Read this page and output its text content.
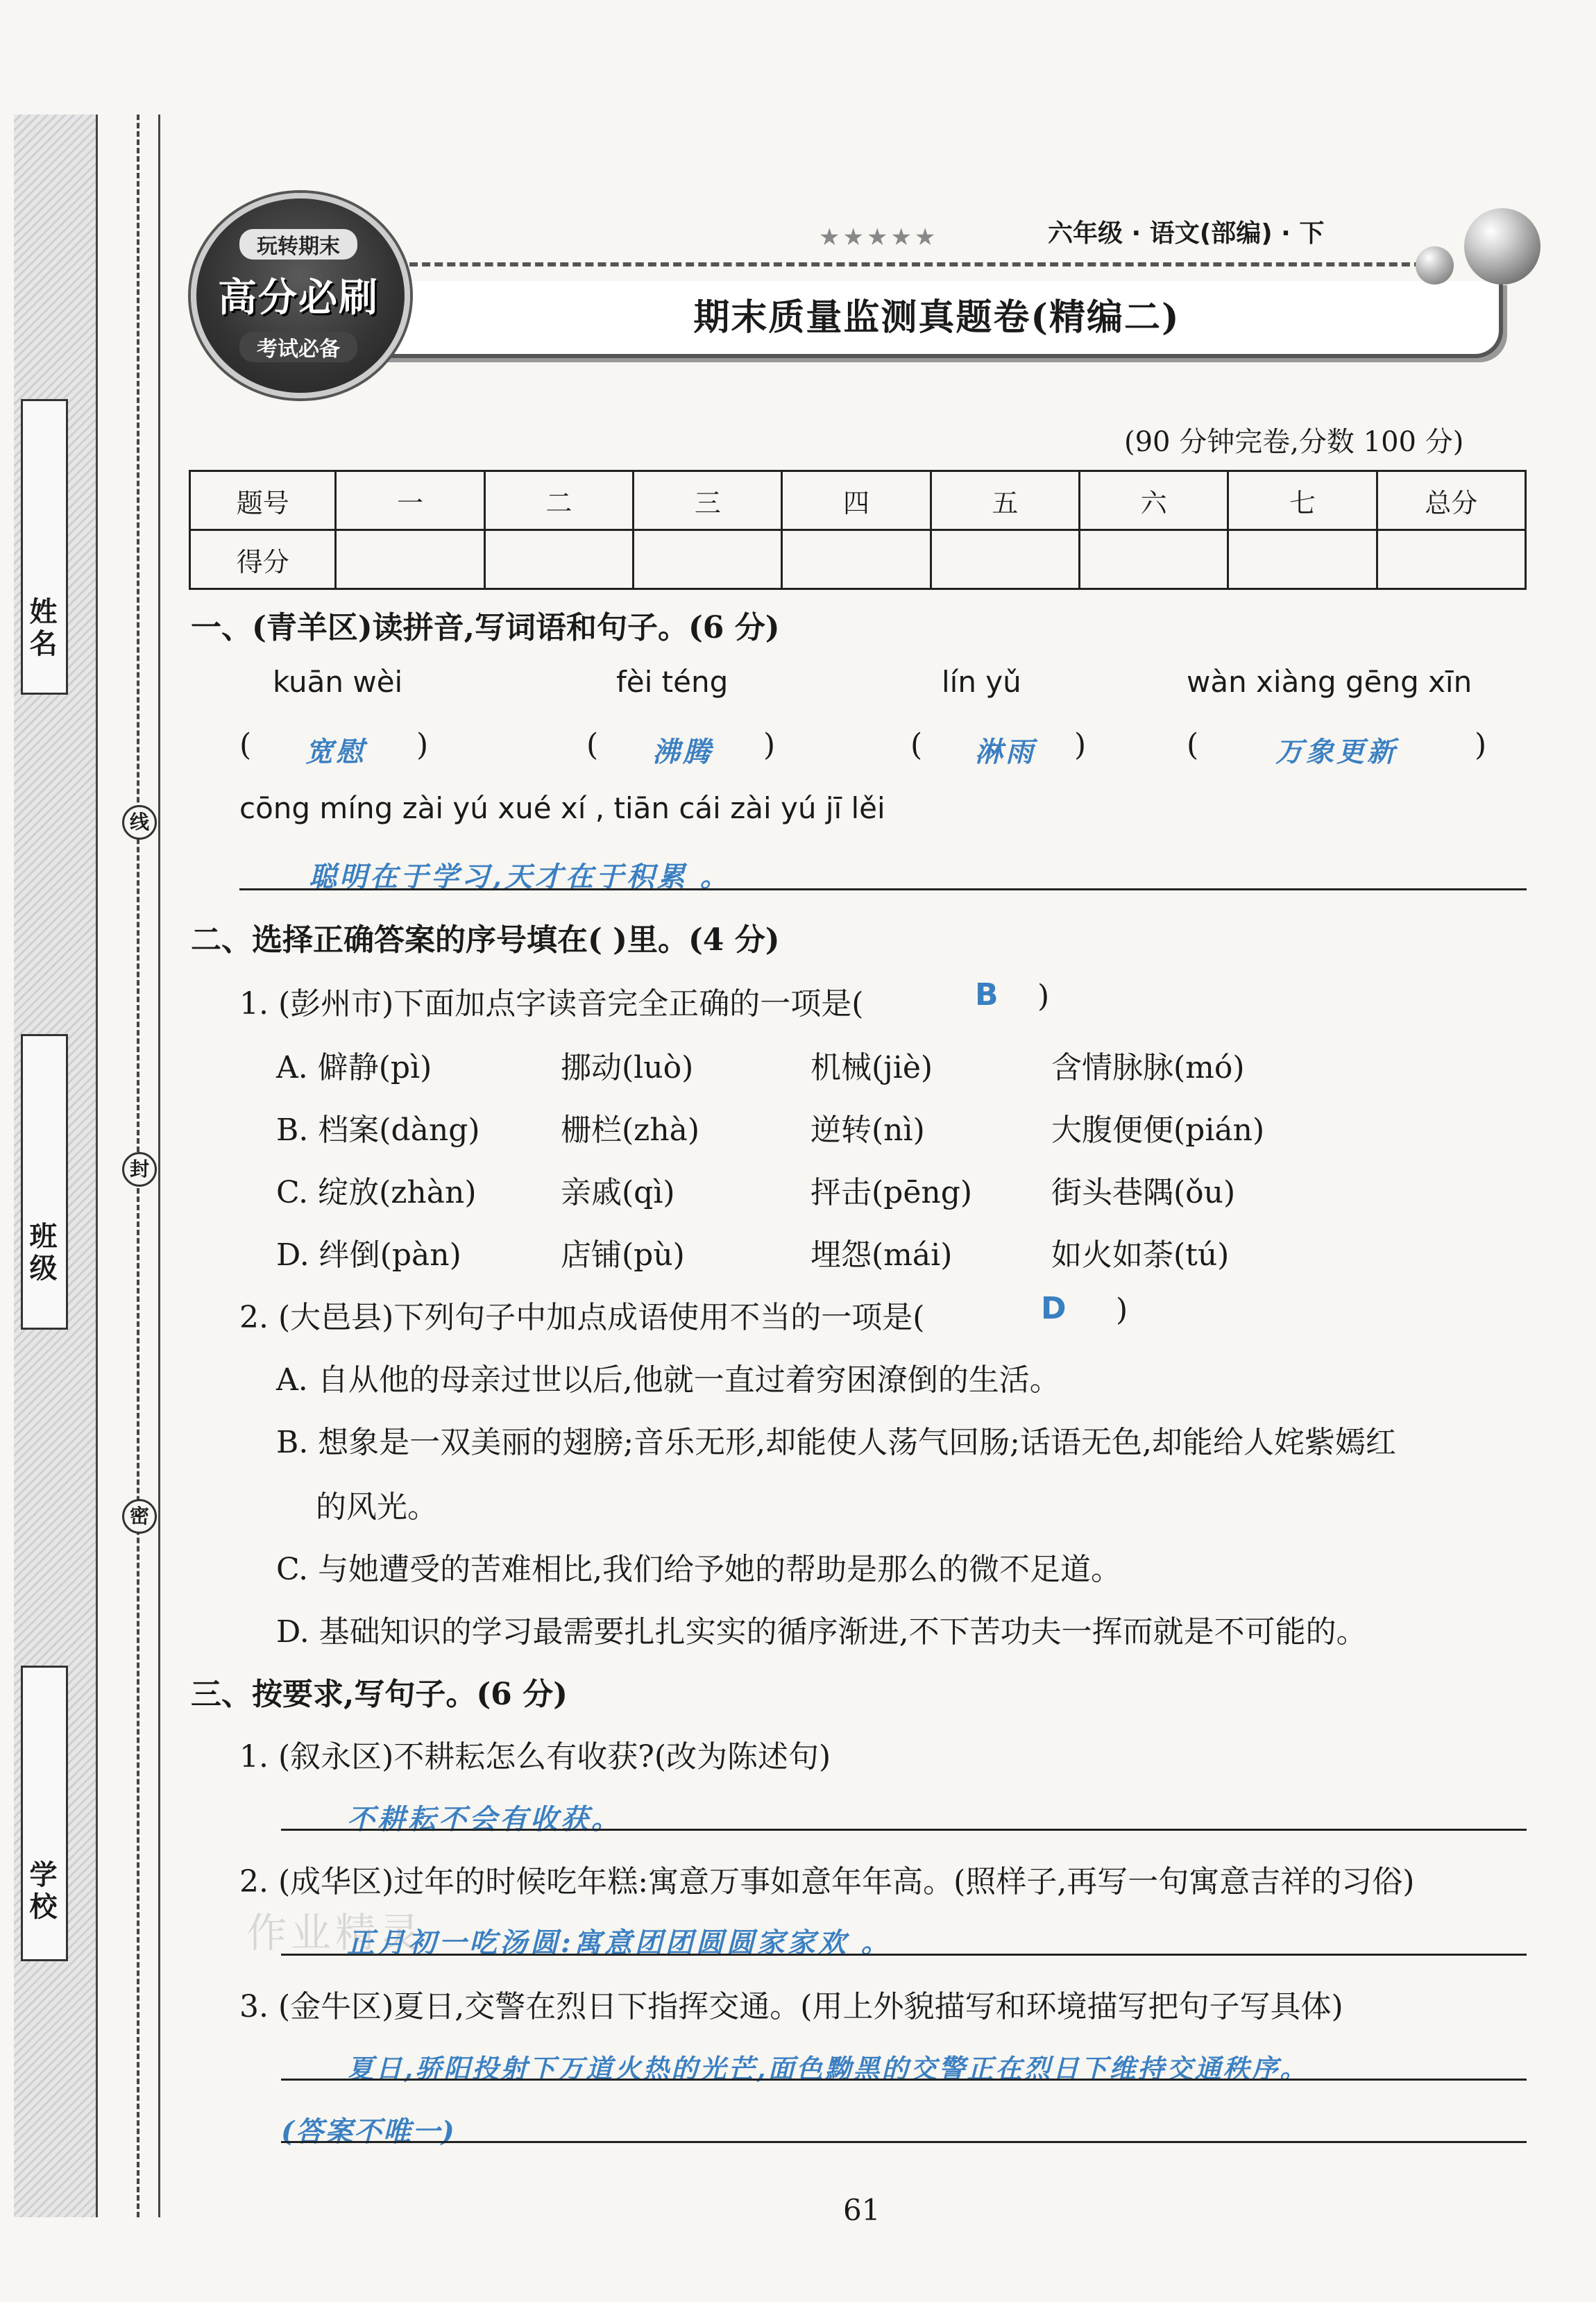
姓名
班级
学校
线
封
密
玩转期末
高分必刷
考试必备
★★★★★	六年级 · 语文(部编) · 下
期末质量监测真题卷(精编二)
(90 分钟完卷,分数 100 分)
题号	一	二	三	四	五	六	七	总分
得分								
一、(青羊区)读拼音,写词语和句子。(6 分)
kuān wèi	fèi téng	lín yǔ	wàn xiàng gēng xīn
( 宽慰 )	( 沸腾 )	( 淋雨 )	(	万象更新	)
cōng míng zài yú xué xí , tiān cái zài yú jī lěi
聪明在于学习,天才在于积累 。
二、选择正确答案的序号填在( )里。(4 分)
1. (彭州市)下面加点字读音完全正确的一项是(	B )
A. 僻静(pì)	挪动(luò)	机械(jiè)	含情脉脉(mó)
B. 档案(dàng)	栅栏(zhà)	逆转(nì)	大腹便便(pián)
C. 绽放(zhàn)	亲戚(qì)	抨击(pēng)	街头巷隅(ǒu)
D. 绊倒(pàn)	店铺(pù)	埋怨(mái)	如火如荼(tú)
2. (大邑县)下列句子中加点成语使用不当的一项是(	D )
A. 自从他的母亲过世以后,他就一直过着穷困潦倒的生活。
B. 想象是一双美丽的翅膀;音乐无形,却能使人荡气回肠;话语无色,却能给人姹紫嫣红
的风光。
C. 与她遭受的苦难相比,我们给予她的帮助是那么的微不足道。
D. 基础知识的学习最需要扎扎实实的循序渐进,不下苦功夫一挥而就是不可能的。
三、按要求,写句子。(6 分)
1. (叙永区)不耕耘怎么有收获?(改为陈述句)
不耕耘不会有收获。
2. (成华区)过年的时候吃年糕:寓意万事如意年年高。(照样子,再写一句寓意吉祥的习俗)
作业精灵
正月初一吃汤圆:寓意团团圆圆家家欢 。
3. (金牛区)夏日,交警在烈日下指挥交通。(用上外貌描写和环境描写把句子写具体)
夏日,骄阳投射下万道火热的光芒,面色黝黑的交警正在烈日下维持交通秩序。
(答案不唯一)
61
